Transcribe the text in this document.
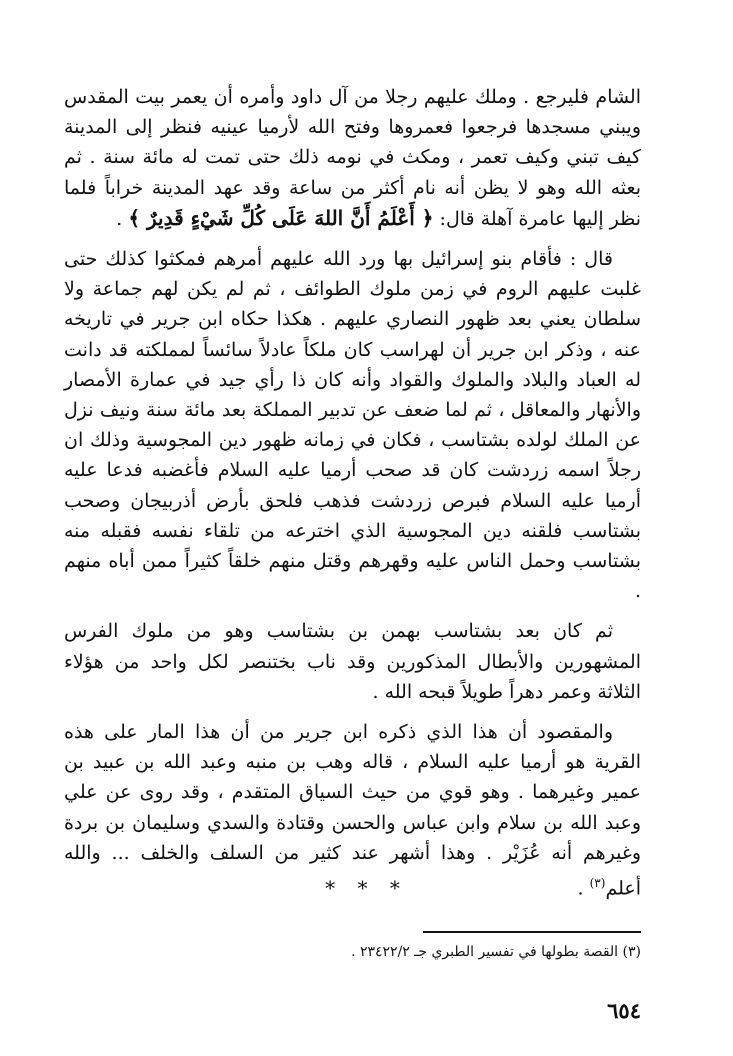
الشام فليرجع . وملك عليهم رجلا من آل داود وأمره أن يعمر بيت المقدس ويبني مسجدها فرجعوا فعمروها وفتح الله لأرميا عينيه فنظر إلى المدينة كيف تبني وكيف تعمر ، ومكث في نومه ذلك حتى تمت له مائة سنة . ثم بعثه الله وهو لا يظن أنه نام أكثر من ساعة وقد عهد المدينة خراباً فلما نظر إليها عامرة آهلة قال: ﴿ أَعْلَمُ أَنَّ اللهَ عَلَى كُلِّ شَيْءٍ قَدِيرٌ ﴾ .

قال : فأقام بنو إسرائيل بها ورد الله عليهم أمرهم فمكثوا كذلك حتى غلبت عليهم الروم في زمن ملوك الطوائف ، ثم لم يكن لهم جماعة ولا سلطان يعني بعد ظهور النصاري عليهم . هكذا حكاه ابن جرير في تاريخه عنه ، وذكر ابن جرير أن لهراسب كان ملكاً عادلاً سائساً لمملكته قد دانت له العباد والبلاد والملوك والقواد وأنه كان ذا رأي جيد في عمارة الأمصار والأنهار والمعاقل ، ثم لما ضعف عن تدبير المملكة بعد مائة سنة ونيف نزل عن الملك لولده بشتاسب ، فكان في زمانه ظهور دين المجوسية وذلك ان رجلاً اسمه زردشت كان قد صحب أرميا عليه السلام فأغضبه فدعا عليه أرميا عليه السلام فبرص زردشت فذهب فلحق بأرض أذربيجان وصحب بشتاسب فلقنه دين المجوسية الذي اخترعه من تلقاء نفسه فقبله منه بشتاسب وحمل الناس عليه وقهرهم وقتل منهم خلقاً كثيراً ممن أباه منهم .

ثم كان بعد بشتاسب بهمن بن بشتاسب وهو من ملوك الفرس المشهورين والأبطال المذكورين وقد ناب بختنصر لكل واحد من هؤلاء الثلاثة وعمر دهراً طويلاً قبحه الله .

والمقصود أن هذا الذي ذكره ابن جرير من أن هذا المار على هذه القرية هو أرميا عليه السلام ، قاله وهب بن منبه وعبد الله بن عبيد بن عمير وغيرهما . وهو قوي من حيث السياق المتقدم ، وقد روى عن علي وعبد الله بن سلام وابن عباس والحسن وقتادة والسدي وسليمان بن بردة وغيرهم أنه عُزَيْر . وهذا أشهر عند كثير من السلف والخلف ... والله أعلم$^{(٣)}$ .

* * *
(٣) القصة بطولها في تفسير الطبري جـ ٢٣٤٢٢/٢ .
٦٥٤
